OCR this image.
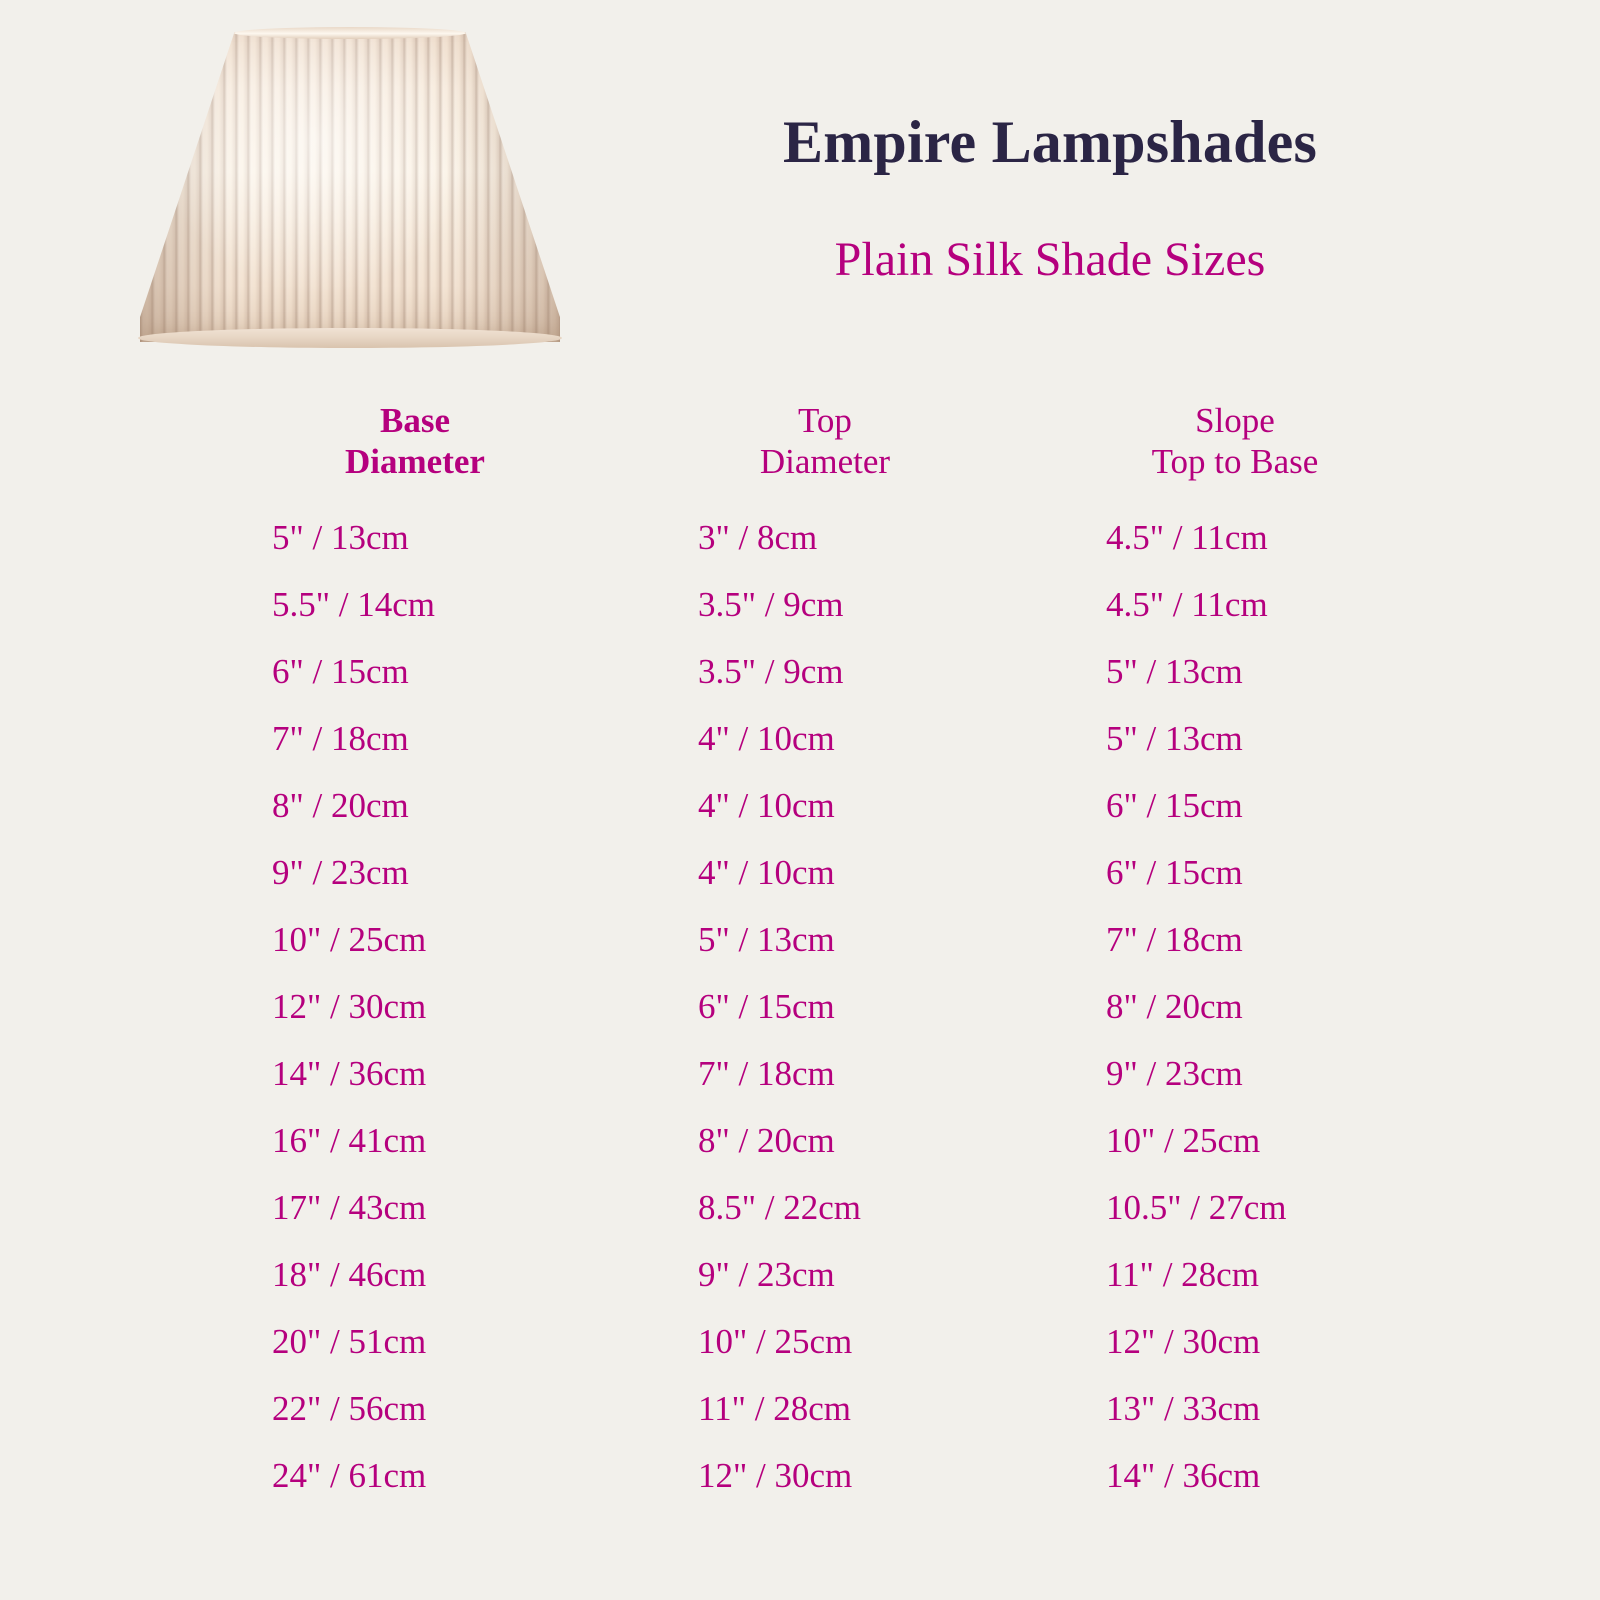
Empire Lampshades
Plain Silk Shade Sizes
Base
Diameter
Top
Diameter
Slope
Top to Base
5" / 13cm	3" / 8cm	4.5" / 11cm
5.5" / 14cm	3.5" / 9cm	4.5" / 11cm
6" / 15cm	3.5" / 9cm	5" / 13cm
7" / 18cm	4" / 10cm	5" / 13cm
8" / 20cm	4" / 10cm	6" / 15cm
9" / 23cm	4" / 10cm	6" / 15cm
10" / 25cm	5" / 13cm	7" / 18cm
12" / 30cm	6" / 15cm	8" / 20cm
14" / 36cm	7" / 18cm	9" / 23cm
16" / 41cm	8" / 20cm	10" / 25cm
17" / 43cm	8.5" / 22cm	10.5" / 27cm
18" / 46cm	9" / 23cm	11" / 28cm
20" / 51cm	10" / 25cm	12" / 30cm
22" / 56cm	11" / 28cm	13" / 33cm
24" / 61cm	12" / 30cm	14" / 36cm
